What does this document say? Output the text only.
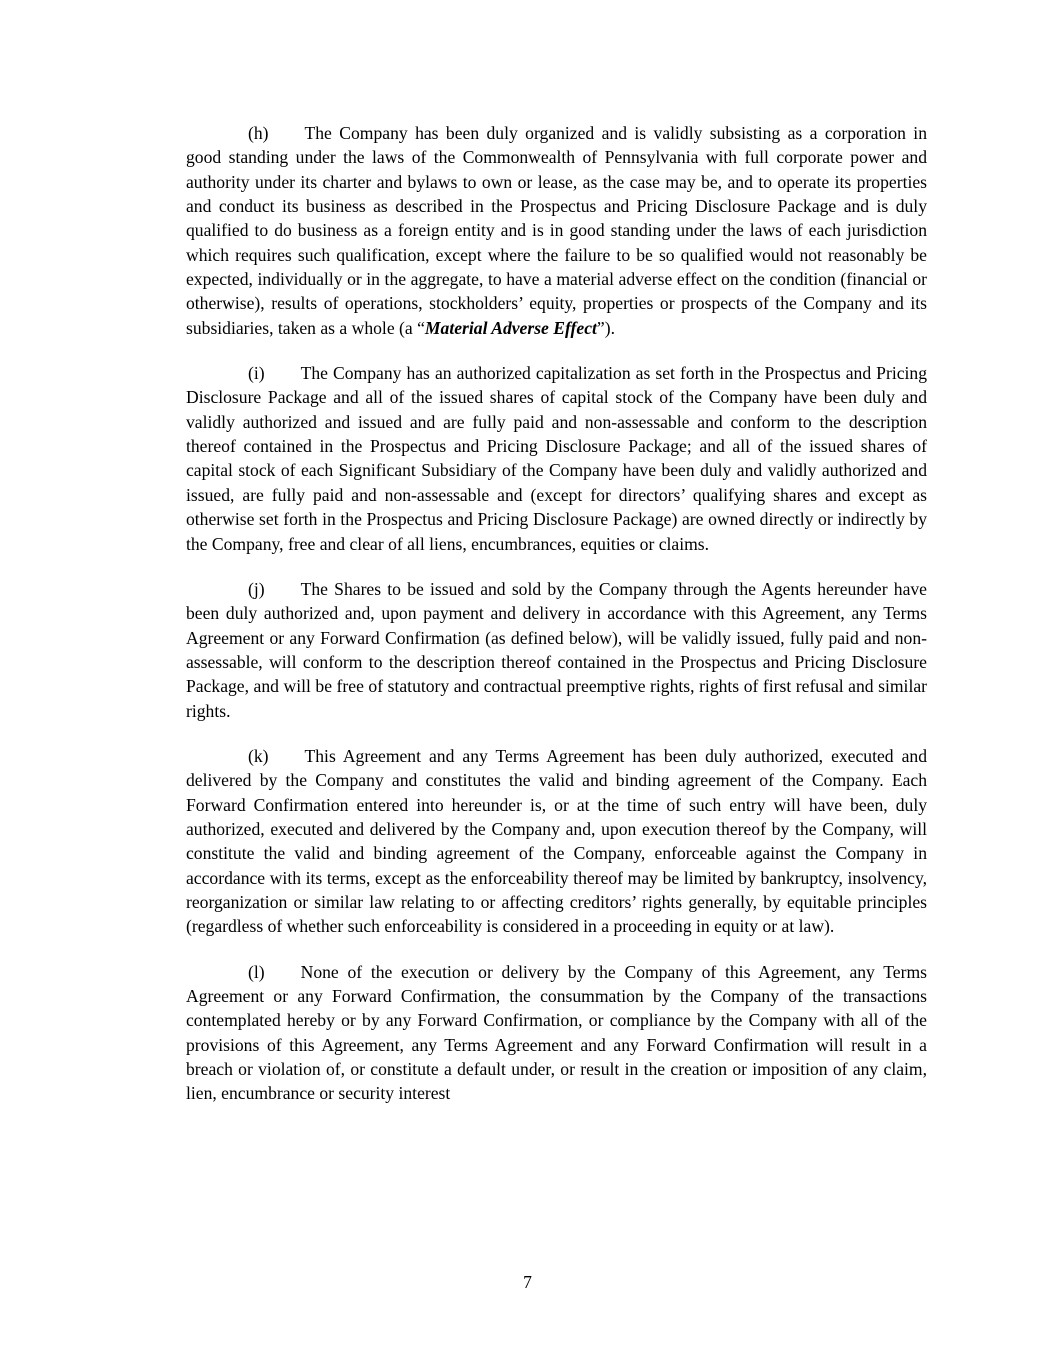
(h) The Company has been duly organized and is validly subsisting as a corporation in good standing under the laws of the Commonwealth of Pennsylvania with full corporate power and authority under its charter and bylaws to own or lease, as the case may be, and to operate its properties and conduct its business as described in the Prospectus and Pricing Disclosure Package and is duly qualified to do business as a foreign entity and is in good standing under the laws of each jurisdiction which requires such qualification, except where the failure to be so qualified would not reasonably be expected, individually or in the aggregate, to have a material adverse effect on the condition (financial or otherwise), results of operations, stockholders’ equity, properties or prospects of the Company and its subsidiaries, taken as a whole (a “Material Adverse Effect”).

(i) The Company has an authorized capitalization as set forth in the Prospectus and Pricing Disclosure Package and all of the issued shares of capital stock of the Company have been duly and validly authorized and issued and are fully paid and non-assessable and conform to the description thereof contained in the Prospectus and Pricing Disclosure Package; and all of the issued shares of capital stock of each Significant Subsidiary of the Company have been duly and validly authorized and issued, are fully paid and non-assessable and (except for directors’ qualifying shares and except as otherwise set forth in the Prospectus and Pricing Disclosure Package) are owned directly or indirectly by the Company, free and clear of all liens, encumbrances, equities or claims.

(j) The Shares to be issued and sold by the Company through the Agents hereunder have been duly authorized and, upon payment and delivery in accordance with this Agreement, any Terms Agreement or any Forward Confirmation (as defined below), will be validly issued, fully paid and non-assessable, will conform to the description thereof contained in the Prospectus and Pricing Disclosure Package, and will be free of statutory and contractual preemptive rights, rights of first refusal and similar rights.

(k) This Agreement and any Terms Agreement has been duly authorized, executed and delivered by the Company and constitutes the valid and binding agreement of the Company. Each Forward Confirmation entered into hereunder is, or at the time of such entry will have been, duly authorized, executed and delivered by the Company and, upon execution thereof by the Company, will constitute the valid and binding agreement of the Company, enforceable against the Company in accordance with its terms, except as the enforceability thereof may be limited by bankruptcy, insolvency, reorganization or similar law relating to or affecting creditors’ rights generally, by equitable principles (regardless of whether such enforceability is considered in a proceeding in equity or at law).

(l) None of the execution or delivery by the Company of this Agreement, any Terms Agreement or any Forward Confirmation, the consummation by the Company of the transactions contemplated hereby or by any Forward Confirmation, or compliance by the Company with all of the provisions of this Agreement, any Terms Agreement and any Forward Confirmation will result in a breach or violation of, or constitute a default under, or result in the creation or imposition of any claim, lien, encumbrance or security interest

7
